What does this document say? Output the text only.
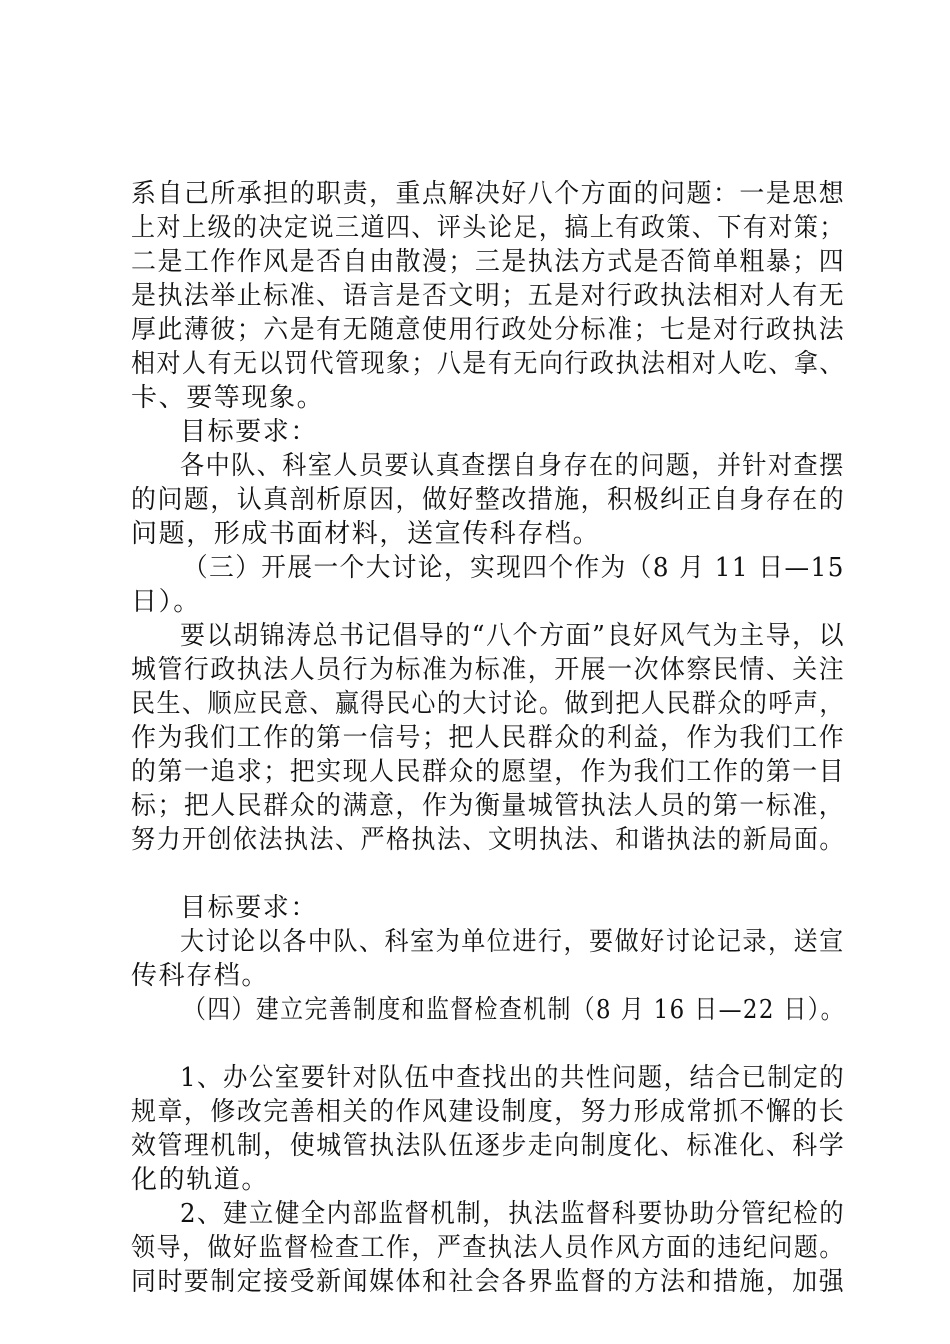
系自己所承担的职责，重点解决好八个方面的问题：一是思想
上对上级的决定说三道四、评头论足，搞上有政策、下有对策；
二是工作作风是否自由散漫；三是执法方式是否简单粗暴；四
是执法举止标准、语言是否文明；五是对行政执法相对人有无
厚此薄彼；六是有无随意使用行政处分标准；七是对行政执法
相对人有无以罚代管现象；八是有无向行政执法相对人吃、拿、
卡、要等现象。
目标要求：
各中队、科室人员要认真查摆自身存在的问题，并针对查摆
的问题，认真剖析原因，做好整改措施，积极纠正自身存在的
问题，形成书面材料，送宣传科存档。
（三）开展一个大讨论，实现四个作为（8 月 11 日—15
日）。
要以胡锦涛总书记倡导的“八个方面”良好风气为主导，以
城管行政执法人员行为标准为标准，开展一次体察民情、关注
民生、顺应民意、赢得民心的大讨论。做到把人民群众的呼声，
作为我们工作的第一信号；把人民群众的利益，作为我们工作
的第一追求；把实现人民群众的愿望，作为我们工作的第一目
标；把人民群众的满意，作为衡量城管执法人员的第一标准，
努力开创依法执法、严格执法、文明执法、和谐执法的新局面。
目标要求：
大讨论以各中队、科室为单位进行，要做好讨论记录，送宣
传科存档。
（四）建立完善制度和监督检查机制（8 月 16 日—22 日）。
1、办公室要针对队伍中查找出的共性问题，结合已制定的
规章，修改完善相关的作风建设制度，努力形成常抓不懈的长
效管理机制，使城管执法队伍逐步走向制度化、标准化、科学
化的轨道。
2、建立健全内部监督机制，执法监督科要协助分管纪检的
领导，做好监督检查工作，严查执法人员作风方面的违纪问题。
同时要制定接受新闻媒体和社会各界监督的方法和措施，加强
